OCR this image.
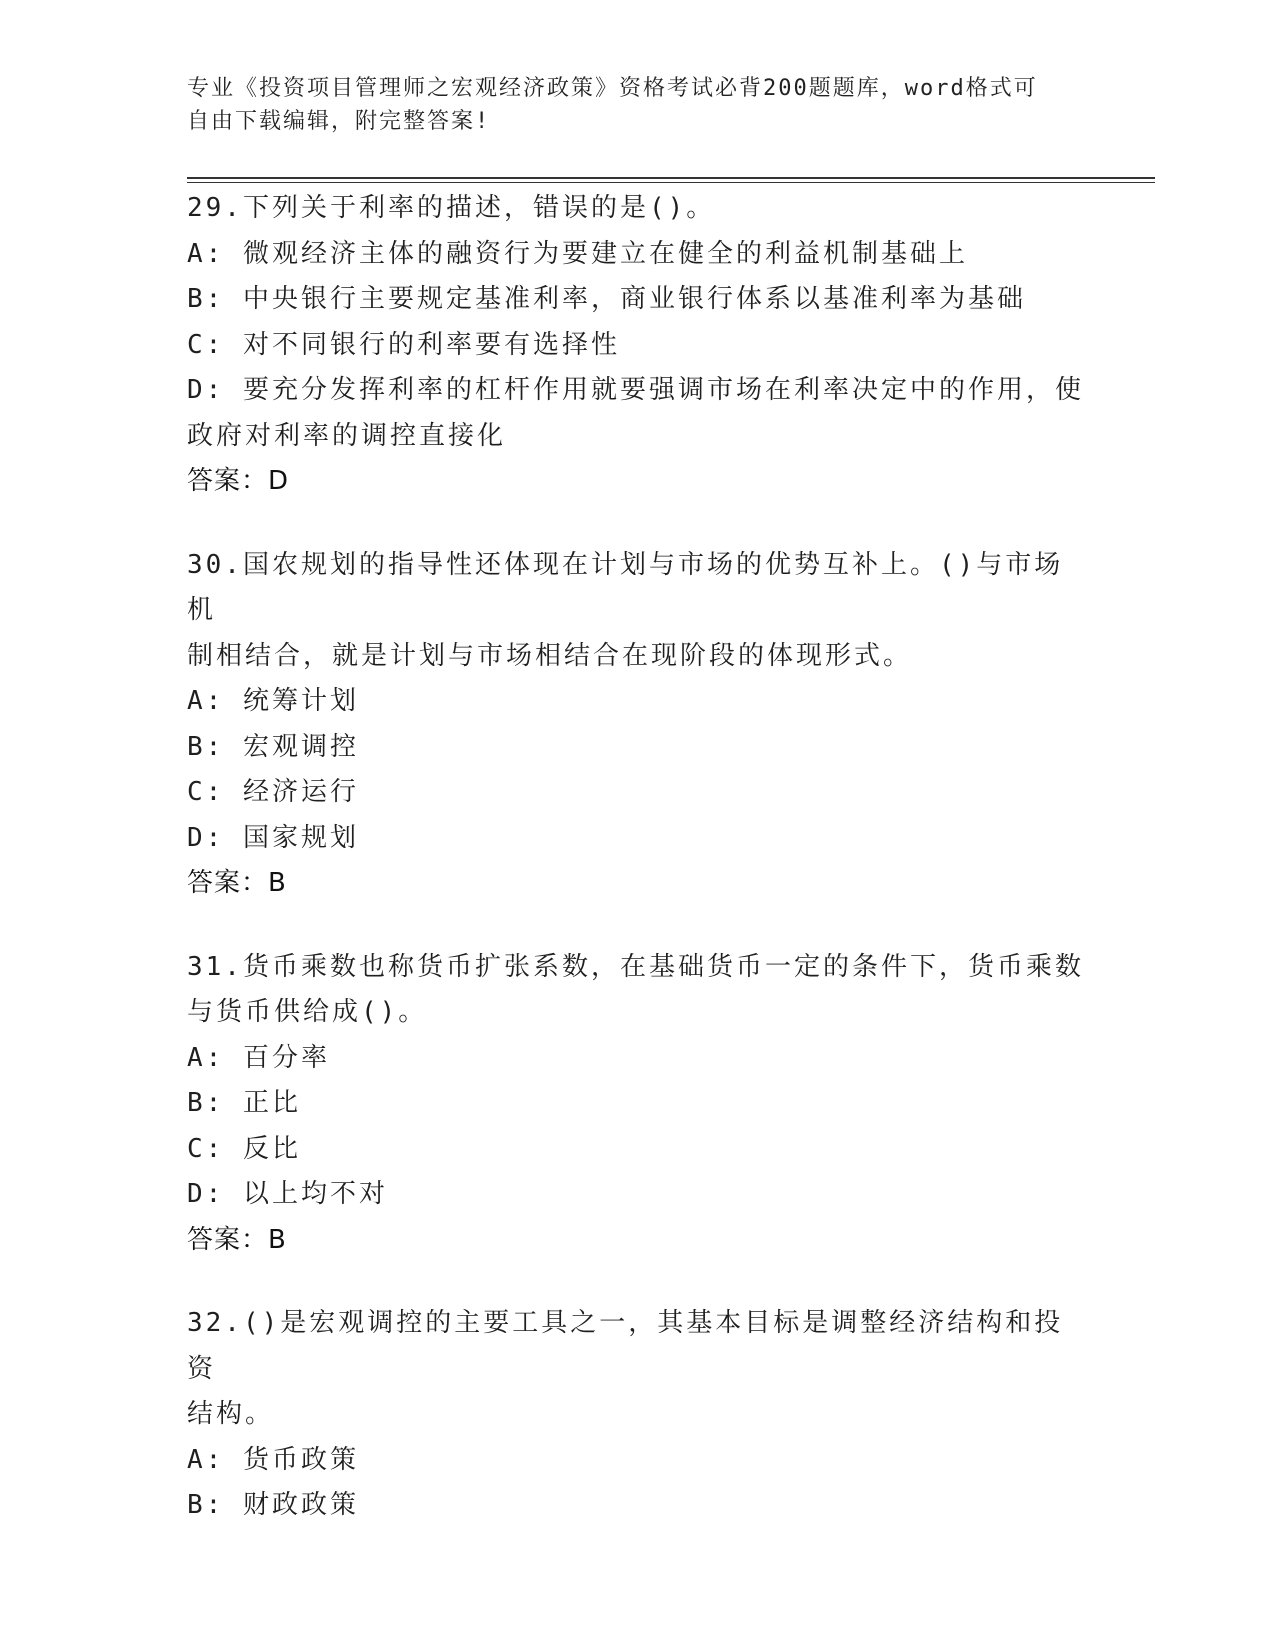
专业《投资项目管理师之宏观经济政策》资格考试必背200题题库，word格式可
自由下载编辑，附完整答案!
29.下列关于利率的描述，错误的是()。
A: 微观经济主体的融资行为要建立在健全的利益机制基础上
B: 中央银行主要规定基准利率，商业银行体系以基准利率为基础
C: 对不同银行的利率要有选择性
D: 要充分发挥利率的杠杆作用就要强调市场在利率决定中的作用，使
政府对利率的调控直接化
答案：D
30.国农规划的指导性还体现在计划与市场的优势互补上。()与市场机
制相结合，就是计划与市场相结合在现阶段的体现形式。
A: 统筹计划
B: 宏观调控
C: 经济运行
D: 国家规划
答案：B
31.货币乘数也称货币扩张系数，在基础货币一定的条件下，货币乘数
与货币供给成()。
A: 百分率
B: 正比
C: 反比
D: 以上均不对
答案：B
32.()是宏观调控的主要工具之一，其基本目标是调整经济结构和投资
结构。
A: 货币政策
B: 财政政策
